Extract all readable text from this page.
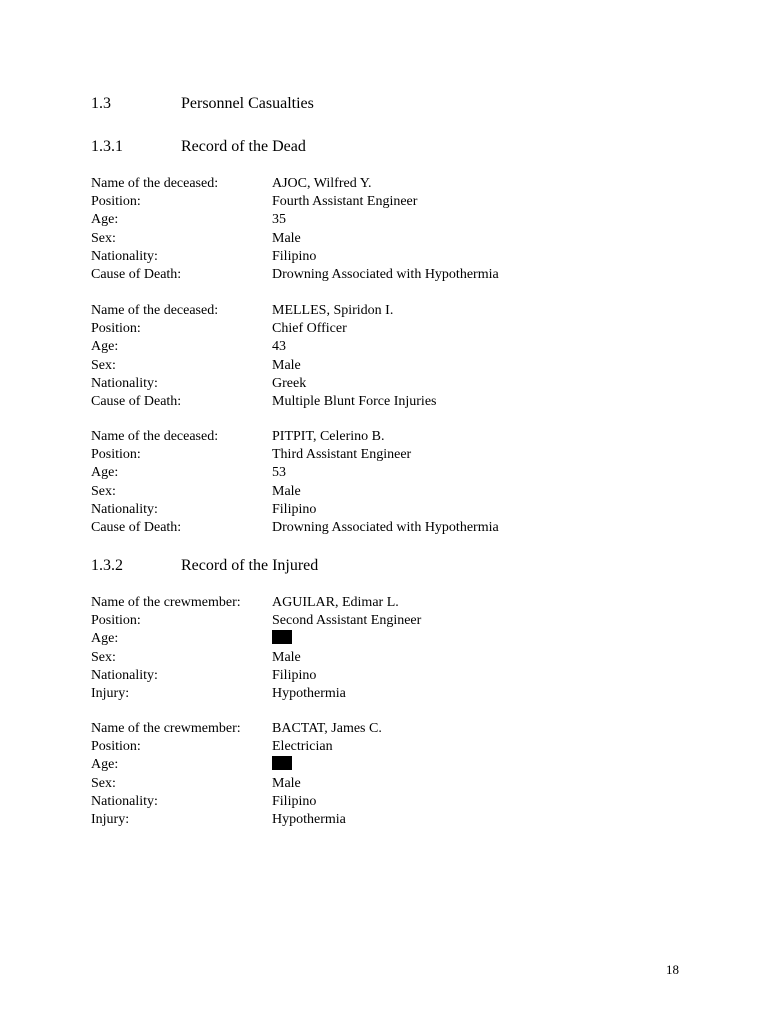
1.3	Personnel Casualties
1.3.1	Record of the Dead
Name of the deceased:	AJOC, Wilfred Y.
Position:	Fourth Assistant Engineer
Age:	35
Sex:	Male
Nationality:	Filipino
Cause of Death:	Drowning Associated with Hypothermia
Name of the deceased:	MELLES, Spiridon I.
Position:	Chief Officer
Age:	43
Sex:	Male
Nationality:	Greek
Cause of Death:	Multiple Blunt Force Injuries
Name of the deceased:	PITPIT, Celerino B.
Position:	Third Assistant Engineer
Age:	53
Sex:	Male
Nationality:	Filipino
Cause of Death:	Drowning Associated with Hypothermia
1.3.2	Record of the Injured
Name of the crewmember: AGUILAR, Edimar L.
Position:	Second Assistant Engineer
Age:
Sex:	Male
Nationality:	Filipino
Injury:	Hypothermia
Name of the crewmember: BACTAT, James C.
Position:	Electrician
Age:
Sex:	Male
Nationality:	Filipino
Injury:	Hypothermia
18
